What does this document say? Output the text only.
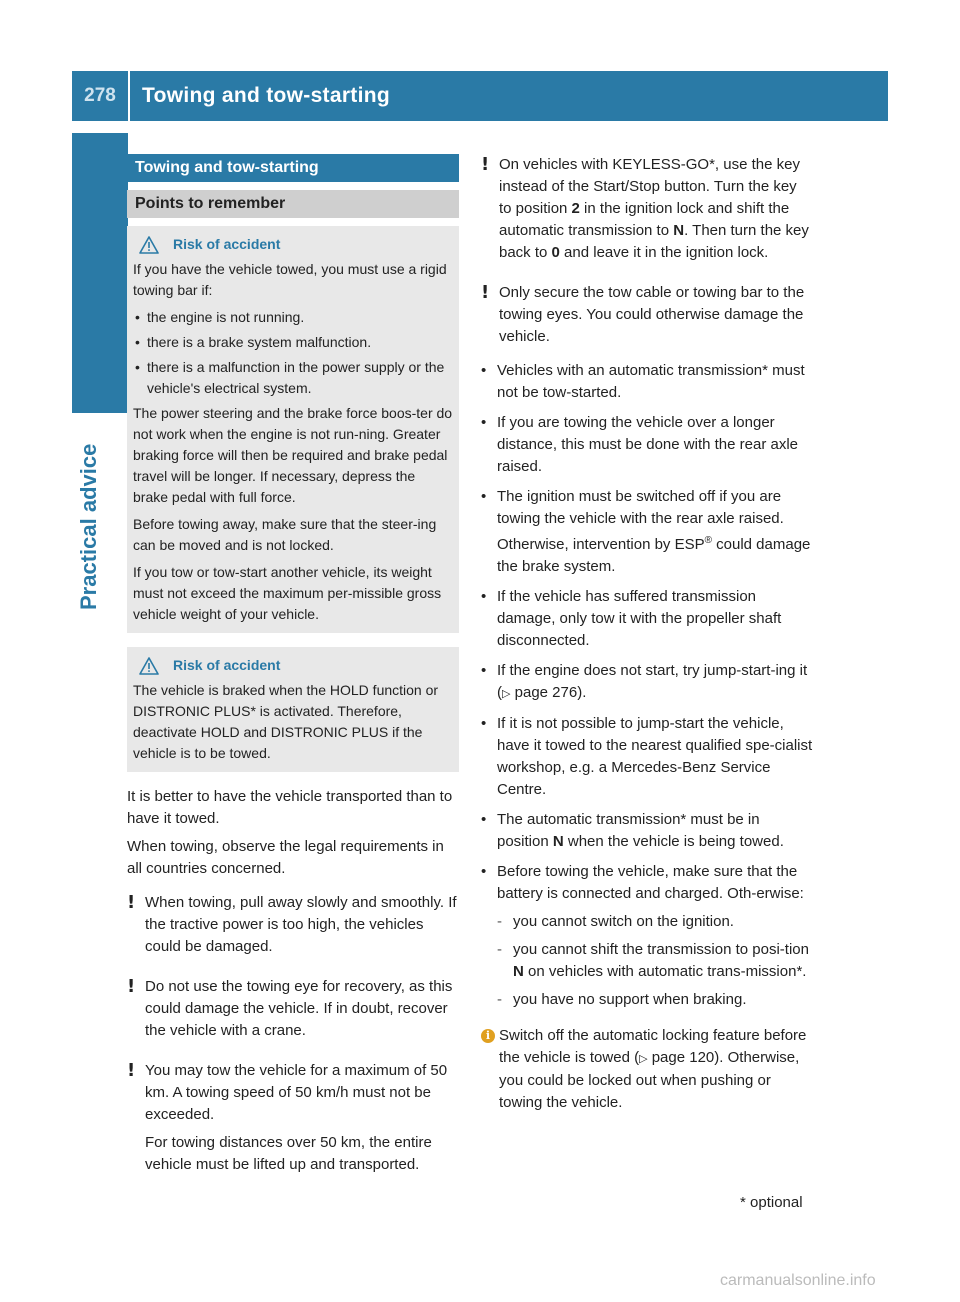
278	Towing and tow-starting
Practical advice
Towing and tow-starting
Points to remember
Risk of accident

If you have the vehicle towed, you must use a rigid towing bar if:

• the engine is not running.
• there is a brake system malfunction.
• there is a malfunction in the power supply or the vehicle's electrical system.

The power steering and the brake force boos-ter do not work when the engine is not run-ning. Greater braking force will then be required and brake pedal travel will be longer. If necessary, depress the brake pedal with full force.

Before towing away, make sure that the steer-ing can be moved and is not locked.

If you tow or tow-start another vehicle, its weight must not exceed the maximum per-missible gross vehicle weight of your vehicle.

Risk of accident

The vehicle is braked when the HOLD function or DISTRONIC PLUS* is activated. Therefore, deactivate HOLD and DISTRONIC PLUS if the vehicle is to be towed.

It is better to have the vehicle transported than to have it towed.

When towing, observe the legal requirements in all countries concerned.

! When towing, pull away slowly and smoothly. If the tractive power is too high, the vehicles could be damaged.

! Do not use the towing eye for recovery, as this could damage the vehicle. If in doubt, recover the vehicle with a crane.

! You may tow the vehicle for a maximum of 50 km. A towing speed of 50 km/h must not be exceeded.

For towing distances over 50 km, the entire vehicle must be lifted up and transported.

! On vehicles with KEYLESS-GO*, use the key instead of the Start/Stop button. Turn the key to position 2 in the ignition lock and shift the automatic transmission to N. Then turn the key back to 0 and leave it in the ignition lock.

! Only secure the tow cable or towing bar to the towing eyes. You could otherwise damage the vehicle.

• Vehicles with an automatic transmission* must not be tow-started.
• If you are towing the vehicle over a longer distance, this must be done with the rear axle raised.
• The ignition must be switched off if you are towing the vehicle with the rear axle raised. Otherwise, intervention by ESP® could damage the brake system.
• If the vehicle has suffered transmission damage, only tow it with the propeller shaft disconnected.
• If the engine does not start, try jump-start-ing it (▷ page 276).
• If it is not possible to jump-start the vehicle, have it towed to the nearest qualified spe-cialist workshop, e.g. a Mercedes-Benz Service Centre.
• The automatic transmission* must be in position N when the vehicle is being towed.
• Before towing the vehicle, make sure that the battery is connected and charged. Oth-erwise:
- you cannot switch on the ignition.
- you cannot shift the transmission to posi-tion N on vehicles with automatic trans-mission*.
- you have no support when braking.
i Switch off the automatic locking feature before the vehicle is towed (▷ page 120). Otherwise, you could be locked out when pushing or towing the vehicle.

* optional
carmanualsonline.info
